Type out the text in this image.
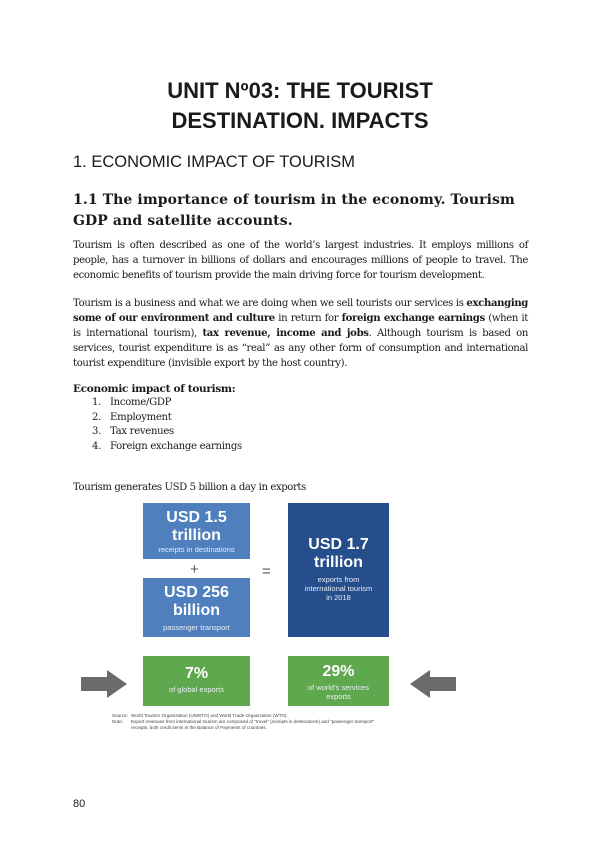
UNIT Nº03: THE TOURIST
DESTINATION. IMPACTS
1. ECONOMIC IMPACT OF TOURISM
1.1 The importance of tourism in the economy. Tourism GDP and satellite accounts.

Tourism is often described as one of the world’s largest industries. It employs millions of people, has a turnover in billions of dollars and encourages millions of people to travel. The economic benefits of tourism provide the main driving force for tourism development.

Tourism is a business and what we are doing when we sell tourists our services is exchanging some of our environment and culture in return for foreign exchange earnings (when it is international tourism), tax revenue, income and jobs. Although tourism is based on services, tourist expenditure is as “real” as any other form of consumption and international tourist expenditure (invisible export by the host country).

Economic impact of tourism:
1. Income/GDP
2. Employment
3. Tax revenues
4. Foreign exchange earnings
Tourism generates USD 5 billion a day in exports
USD 1.5
trillion
receipts in destinations
+
USD 256
billion
passenger transport
=
USD 1.7
trillion
exports from
international tourism
in 2018
7%
of global exports
29%
of world's services
exports
Source: World Tourism Organization (UNWTO) and World Trade Organization (WTO).
Note:	Export revenues from international tourism are composed of "travel" (receipts in destinations) and "passenger transport"
receipts, both credit items in the Balance of Payments of countries.
80
